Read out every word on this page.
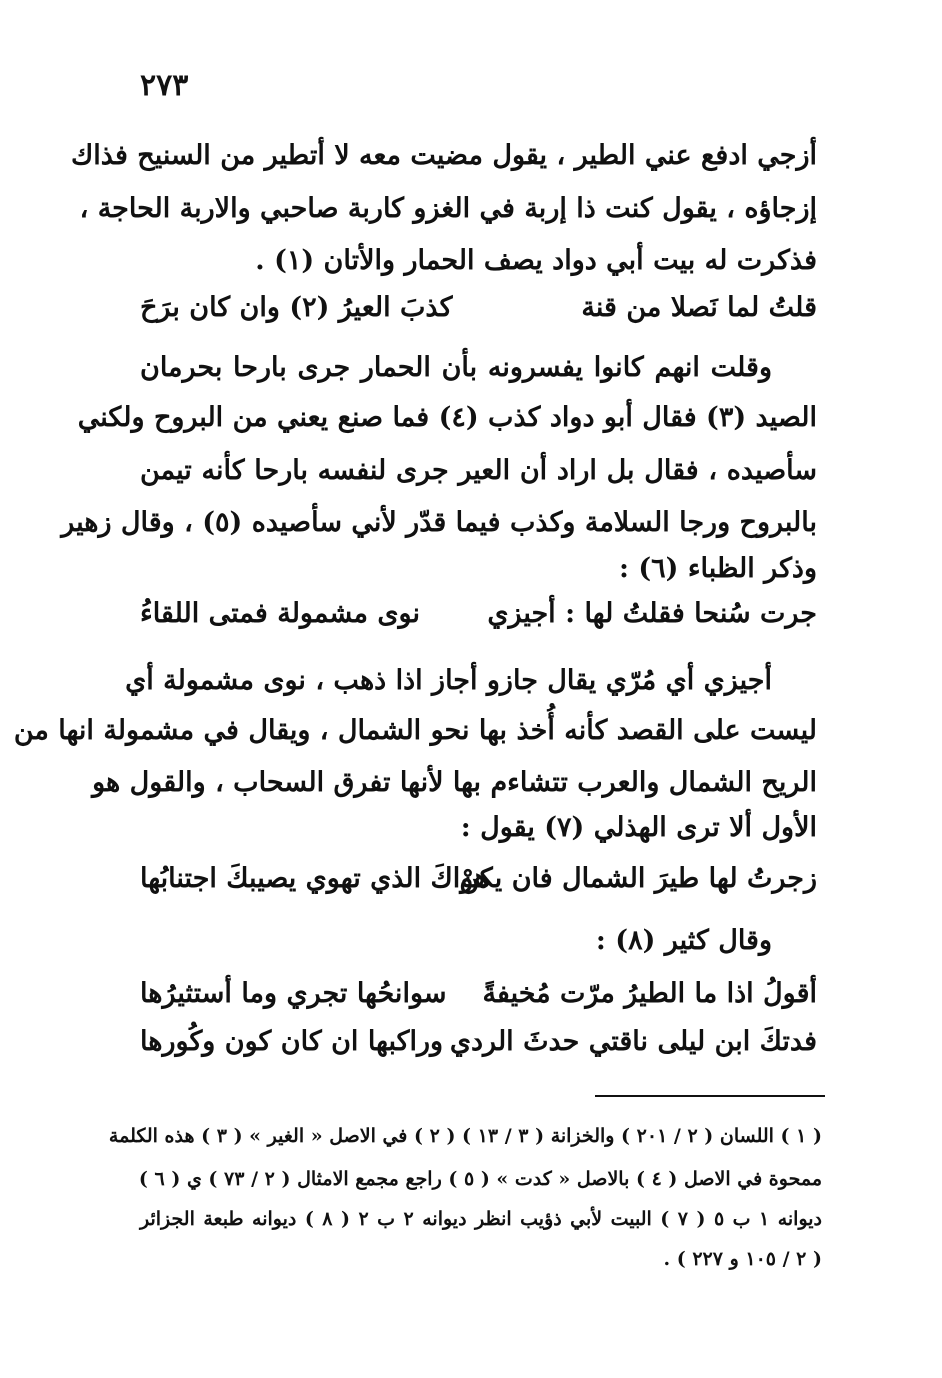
٢٧٣
أزجي ادفع عني الطير ، يقول مضيت معه لا أتطير من السنيح فذاك
إزجاؤه ، يقول كنت ذا إربة في الغزو كاربة صاحبي والاربة الحاجة ،
فذكرت له بيت أبي دواد يصف الحمار والأتان (١) .
قلتُ لما نَصلا من قنة
كذبَ العيرُ (٢) وان كان برَحَ
وقلت انهم كانوا يفسرونه بأن الحمار جرى بارحا بحرمان
الصيد (٣) فقال أبو دواد كذب (٤) فما صنع يعني من البروح ولكني
سأصيده ، فقال بل اراد أن العير جرى لنفسه بارحا كأنه تيمن
بالبروح ورجا السلامة وكذب فيما قدّر لأني سأصيده (٥) ، وقال زهير
وذكر الظباء (٦) :
جرت سُنحا فقلتُ لها : أجيزي
نوى مشمولة فمتى اللقاءُ
أجيزي أي مُرّي يقال جازو أجاز اذا ذهب ، نوى مشمولة أي
ليست على القصد كأنه أُخذ بها نحو الشمال ، ويقال في مشمولة انها من
الريح الشمال والعرب تتشاءم بها لأنها تفرق السحاب ، والقول هو
الأول ألا ترى الهذلي (٧) يقول :
زجرتُ لها طيرَ الشمال فان يكنْ
هواكَ الذي تهوي يصيبكَ اجتنابُها
وقال كثير (٨) :
أقولُ اذا ما الطيرُ مرّت مُخيفةً
سوانحُها تجري وما أستثيرُها
فدتكَ ابن ليلى ناقتي حدثَ الردي
وراكبها ان كان كون وكُورها
( ١ ) اللسان ( ٢ / ٢٠١ ) والخزانة ( ٣ / ١٣ ) ( ٢ ) في الاصل « الغير » ( ٣ ) هذه الكلمة
ممحوة في الاصل ( ٤ ) بالاصل « كدت » ( ٥ ) راجع مجمع الامثال ( ٢ / ٧٣ ) ي ( ٦ )
ديوانه ١ ب ٥ ( ٧ ) البيت لأبي ذؤيب انظر ديوانه ٢ ب ٢ ( ٨ ) ديوانه طبعة الجزائر
( ٢ / ١٠٥ و ٢٢٧ ) .
